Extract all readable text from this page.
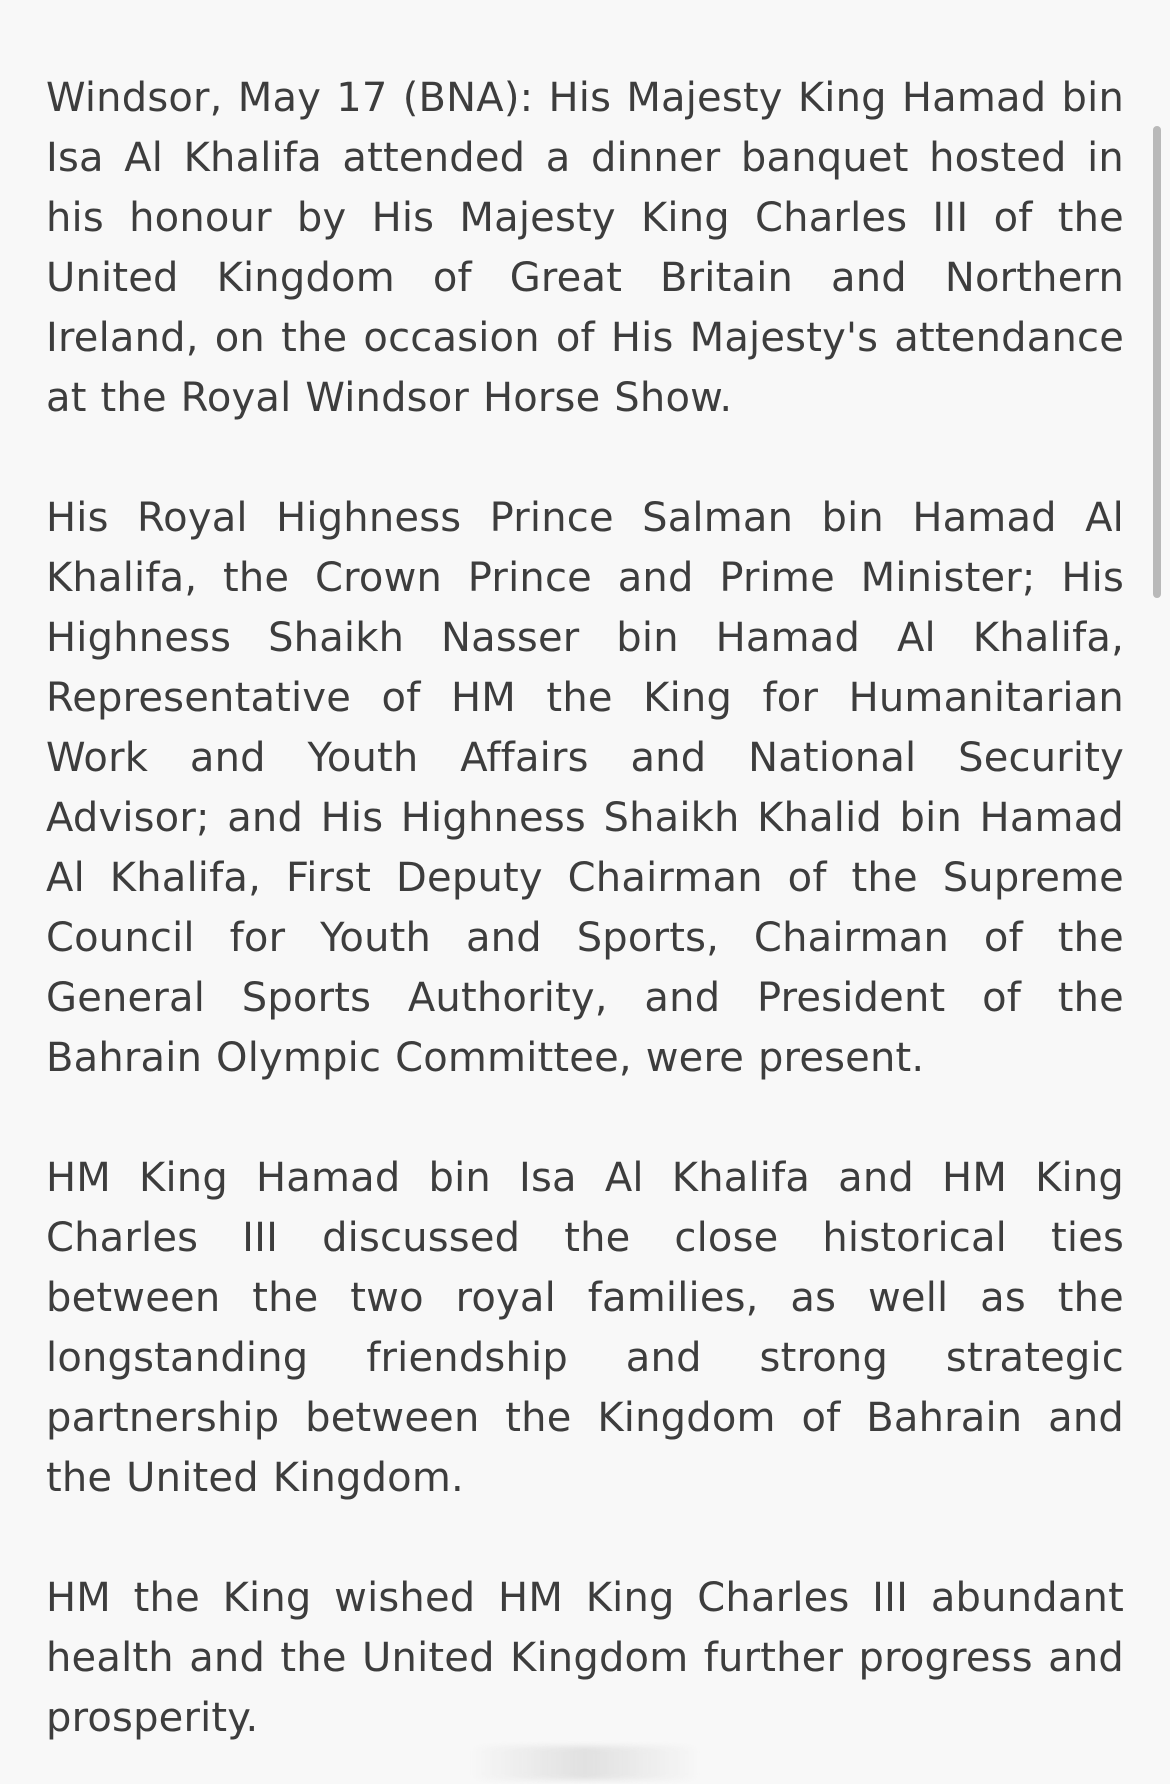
Windsor, May 17 (BNA): His Majesty King Hamad bin Isa Al Khalifa attended a dinner banquet hosted in his honour by His Majesty King Charles III of the United Kingdom of Great Britain and Northern Ireland, on the occasion of His Majesty's attendance at the Royal Windsor Horse Show.

His Royal Highness Prince Salman bin Hamad Al Khalifa, the Crown Prince and Prime Minister; His Highness Shaikh Nasser bin Hamad Al Khalifa, Representative of HM the King for Humanitarian Work and Youth Affairs and National Security Advisor; and His Highness Shaikh Khalid bin Hamad Al Khalifa, First Deputy Chairman of the Supreme Council for Youth and Sports, Chairman of the General Sports Authority, and President of the Bahrain Olympic Committee, were present.

HM King Hamad bin Isa Al Khalifa and HM King Charles III discussed the close historical ties between the two royal families, as well as the longstanding friendship and strong strategic partnership between the Kingdom of Bahrain and the United Kingdom.

HM the King wished HM King Charles III abundant health and the United Kingdom further progress and prosperity.
